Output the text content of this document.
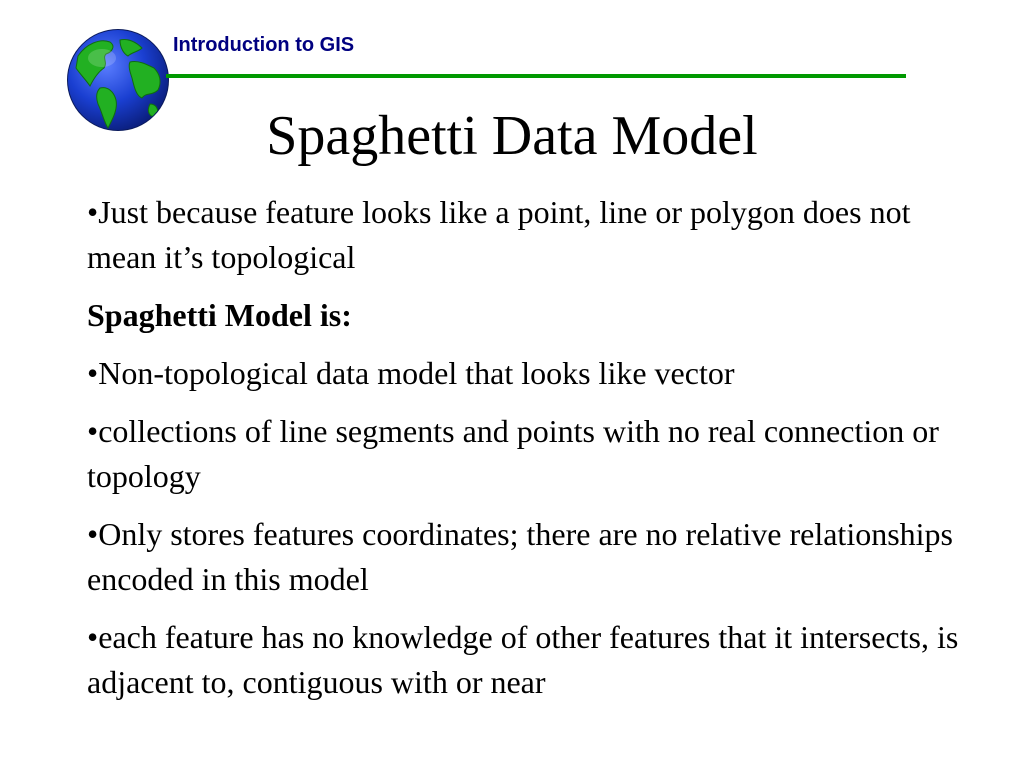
Introduction to GIS
Spaghetti Data Model
•Just because feature looks like a point, line or polygon does not mean it’s topological
Spaghetti Model is:
•Non-topological data model that looks like vector
•collections of line segments and points with no real connection or topology
•Only stores features coordinates; there are no relative relationships encoded in this model
•each feature has no knowledge of other features that it intersects, is adjacent to, contiguous with or near
